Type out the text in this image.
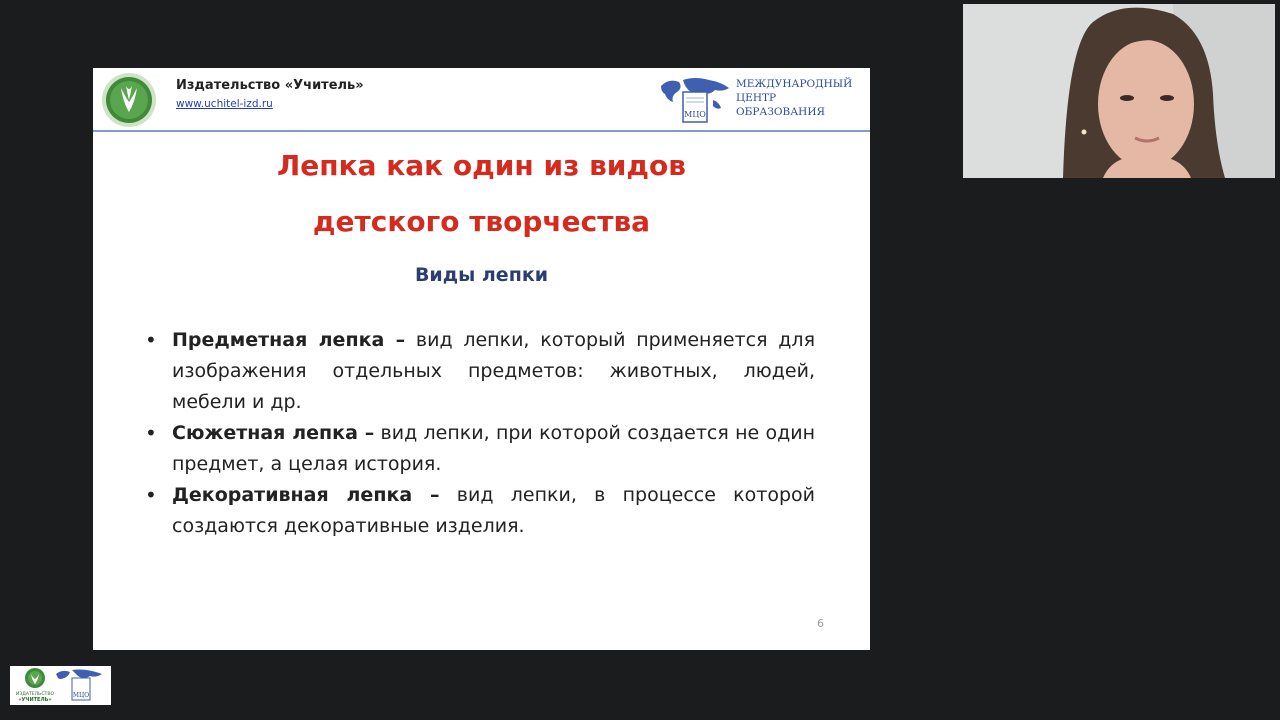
Издательство «Учитель»
www.uchitel-izd.ru
МЦО
МЕЖДУНАРОДНЫЙ
ЦЕНТР
ОБРАЗОВАНИЯ
Лепка как один из видов
детского творчества
Виды лепки
• Предметная лепка – вид лепки, который применяется для изображения отдельных предметов: животных, людей, мебели и др.
• Сюжетная лепка – вид лепки, при которой создается не один предмет, а целая история.
• Декоративная лепка – вид лепки, в процессе которой создаются декоративные изделия.
6
ИЗДАТЕЛЬСТВО
«УЧИТЕЛЬ»
МЦО
